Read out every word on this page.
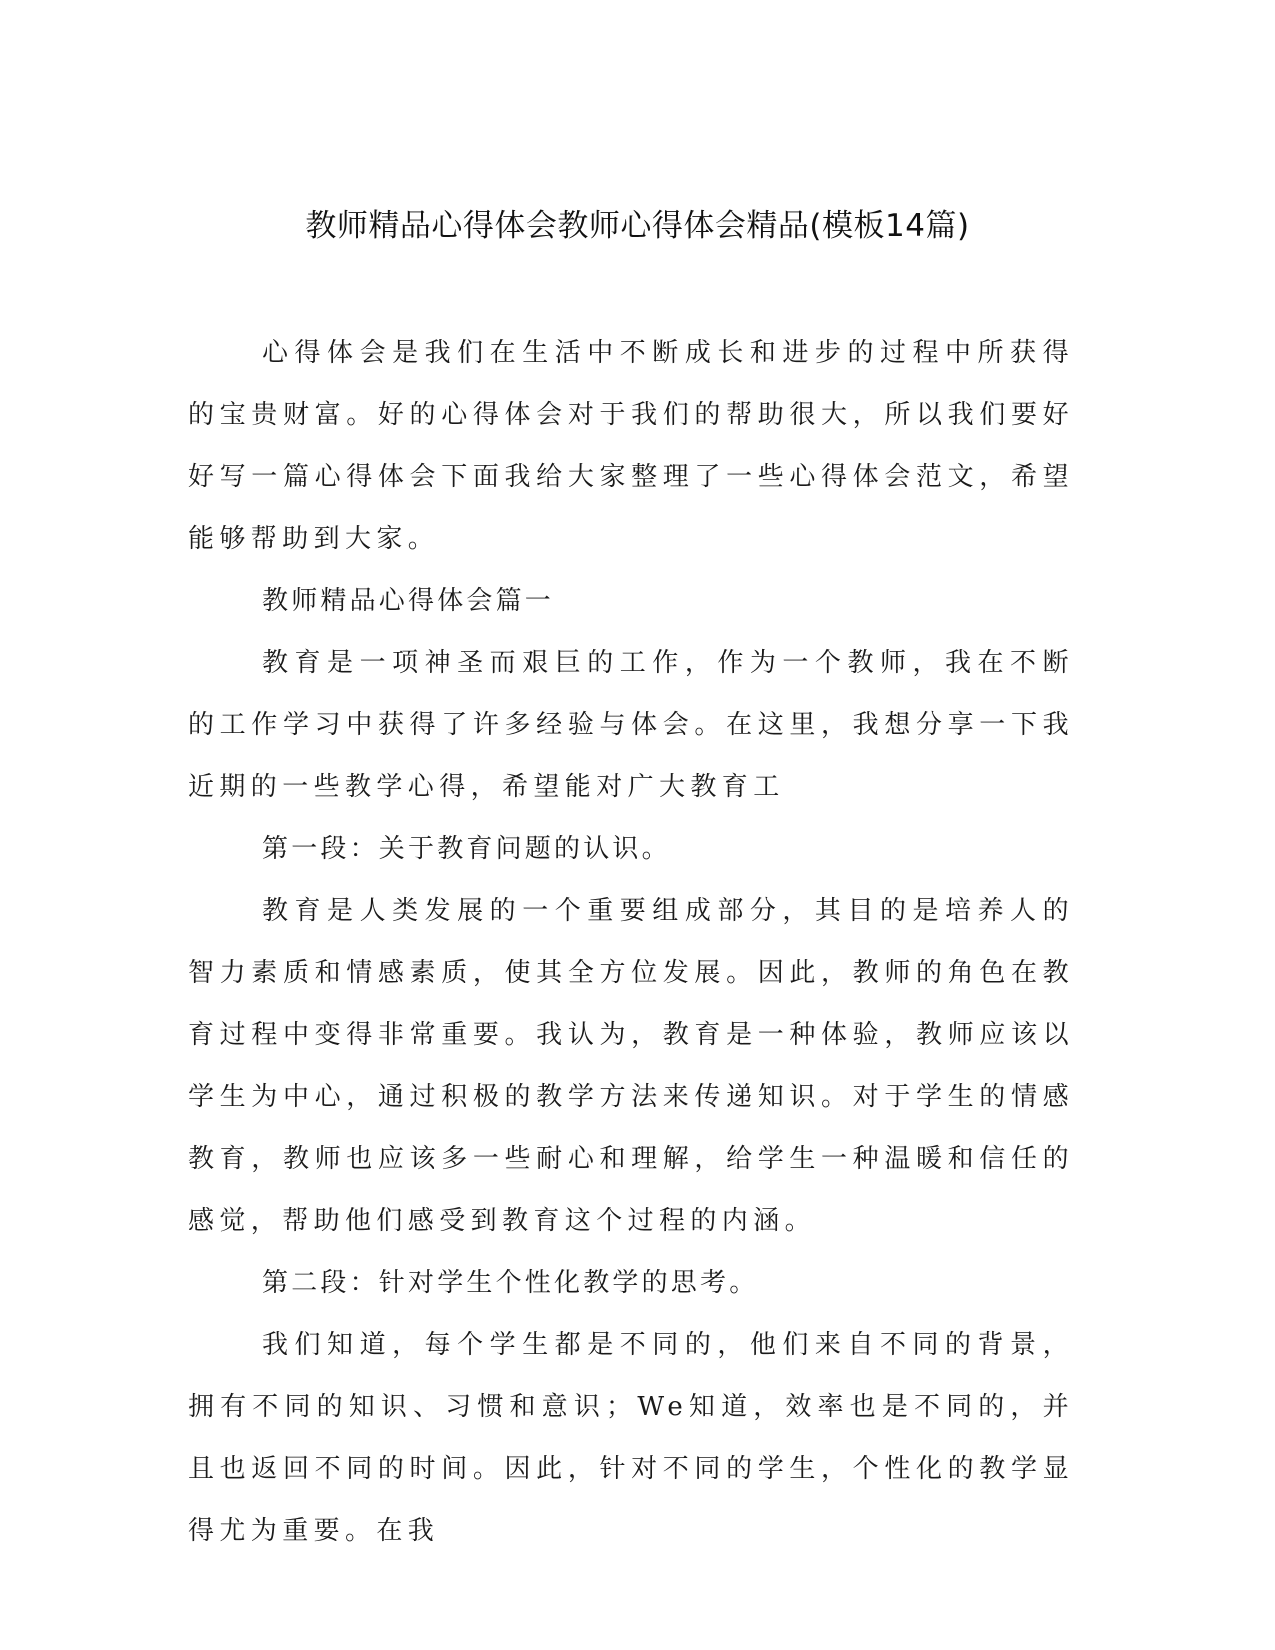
教师精品心得体会教师心得体会精品(模板14篇)

心得体会是我们在生活中不断成长和进步的过程中所获得的宝贵财富。好的心得体会对于我们的帮助很大，所以我们要好好写一篇心得体会下面我给大家整理了一些心得体会范文，希望能够帮助到大家。

教师精品心得体会篇一

教育是一项神圣而艰巨的工作，作为一个教师，我在不断的工作学习中获得了许多经验与体会。在这里，我想分享一下我近期的一些教学心得，希望能对广大教育工

第一段：关于教育问题的认识。

教育是人类发展的一个重要组成部分，其目的是培养人的智力素质和情感素质，使其全方位发展。因此，教师的角色在教育过程中变得非常重要。我认为，教育是一种体验，教师应该以学生为中心，通过积极的教学方法来传递知识。对于学生的情感教育，教师也应该多一些耐心和理解，给学生一种温暖和信任的感觉，帮助他们感受到教育这个过程的内涵。

第二段：针对学生个性化教学的思考。

我们知道，每个学生都是不同的，他们来自不同的背景，拥有不同的知识、习惯和意识；We知道，效率也是不同的，并且也返回不同的时间。因此，针对不同的学生，个性化的教学显得尤为重要。在我
